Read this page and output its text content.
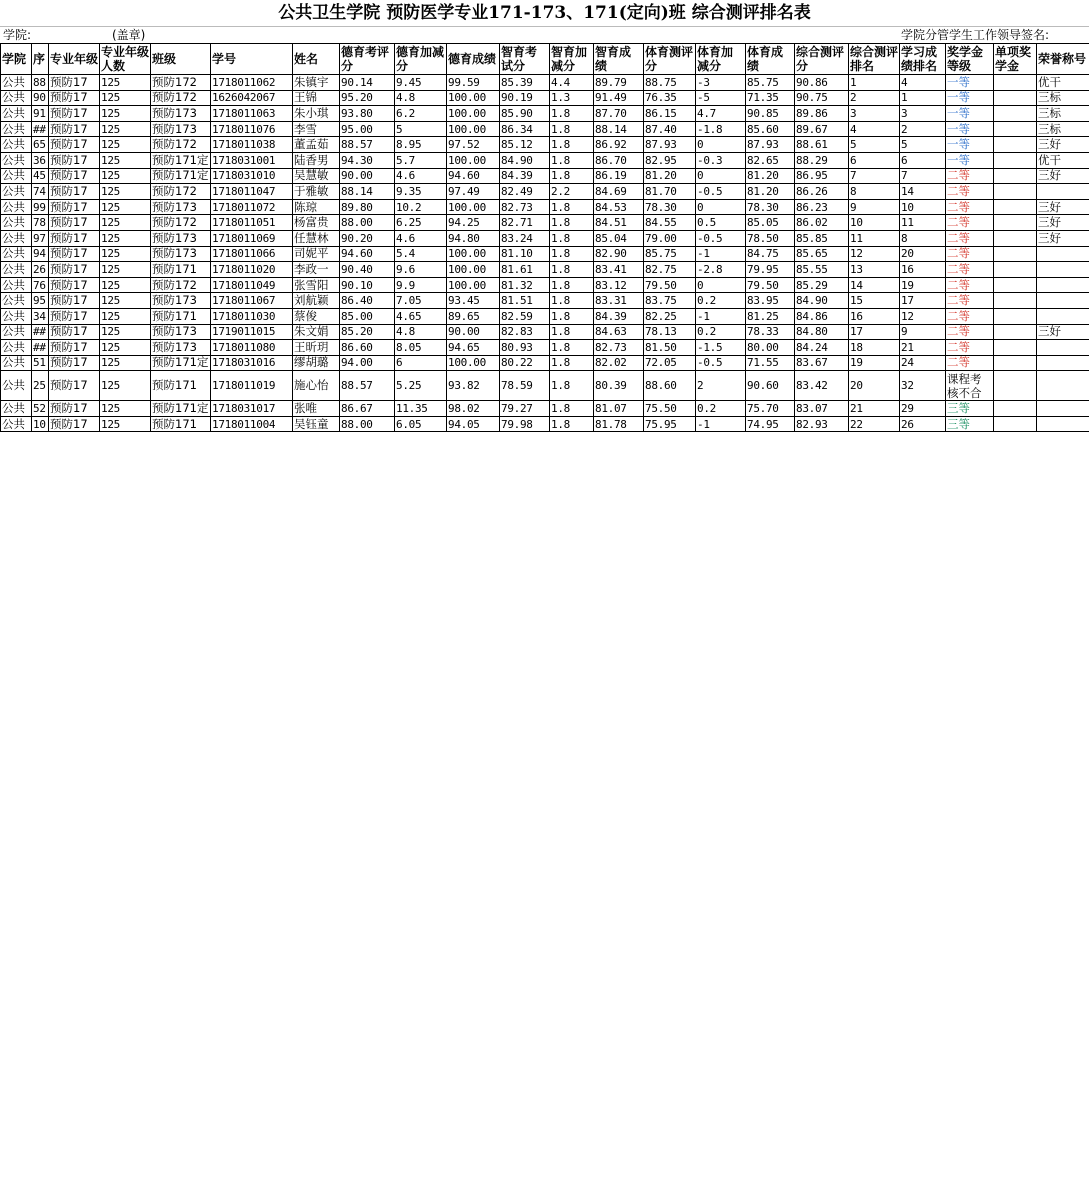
公共卫生学院 预防医学专业171-173、171(定向)班 综合测评排名表
学院:	(盖章)	学院分管学生工作领导签名:
学院	序	专业年级	专业年级人数	班级	学号	姓名	德育考评分	德育加减分	德育成绩	智育考试分	智育加减分	智育成绩	体育测评分	体育加减分	体育成绩	综合测评分	综合测评排名	学习成绩排名	奖学金等级	单项奖学金	荣誉称号
公共	88	预防17	125	预防172	1718011062	朱镇宇	90.14	9.45	99.59	85.39	4.4	89.79	88.75	-3	85.75	90.86	1	4	一等		优干
公共	90	预防17	125	预防172	1626042067	王锦	95.20	4.8	100.00	90.19	1.3	91.49	76.35	-5	71.35	90.75	2	1	一等		三标
公共	91	预防17	125	预防173	1718011063	朱小琪	93.80	6.2	100.00	85.90	1.8	87.70	86.15	4.7	90.85	89.86	3	3	一等		三标
公共	##	预防17	125	预防173	1718011076	李雪	95.00	5	100.00	86.34	1.8	88.14	87.40	-1.8	85.60	89.67	4	2	一等		三标
公共	65	预防17	125	预防172	1718011038	董孟茹	88.57	8.95	97.52	85.12	1.8	86.92	87.93	0	87.93	88.61	5	5	一等		三好
公共	36	预防17	125	预防171定	1718031001	陆香男	94.30	5.7	100.00	84.90	1.8	86.70	82.95	-0.3	82.65	88.29	6	6	一等		优干
公共	45	预防17	125	预防171定	1718031010	吴慧敏	90.00	4.6	94.60	84.39	1.8	86.19	81.20	0	81.20	86.95	7	7	二等		三好
公共	74	预防17	125	预防172	1718011047	于雅敏	88.14	9.35	97.49	82.49	2.2	84.69	81.70	-0.5	81.20	86.26	8	14	二等		
公共	99	预防17	125	预防173	1718011072	陈琼	89.80	10.2	100.00	82.73	1.8	84.53	78.30	0	78.30	86.23	9	10	二等		三好
公共	78	预防17	125	预防172	1718011051	杨富贵	88.00	6.25	94.25	82.71	1.8	84.51	84.55	0.5	85.05	86.02	10	11	二等		三好
公共	97	预防17	125	预防173	1718011069	任慧林	90.20	4.6	94.80	83.24	1.8	85.04	79.00	-0.5	78.50	85.85	11	8	二等		三好
公共	94	预防17	125	预防173	1718011066	司妮平	94.60	5.4	100.00	81.10	1.8	82.90	85.75	-1	84.75	85.65	12	20	二等		
公共	26	预防17	125	预防171	1718011020	李政一	90.40	9.6	100.00	81.61	1.8	83.41	82.75	-2.8	79.95	85.55	13	16	二等		
公共	76	预防17	125	预防172	1718011049	张雪阳	90.10	9.9	100.00	81.32	1.8	83.12	79.50	0	79.50	85.29	14	19	二等		
公共	95	预防17	125	预防173	1718011067	刘航颖	86.40	7.05	93.45	81.51	1.8	83.31	83.75	0.2	83.95	84.90	15	17	二等		
公共	34	预防17	125	预防171	1718011030	蔡俊	85.00	4.65	89.65	82.59	1.8	84.39	82.25	-1	81.25	84.86	16	12	二等		
公共	##	预防17	125	预防173	1719011015	朱文娟	85.20	4.8	90.00	82.83	1.8	84.63	78.13	0.2	78.33	84.80	17	9	二等		三好
公共	##	预防17	125	预防173	1718011080	王昕玥	86.60	8.05	94.65	80.93	1.8	82.73	81.50	-1.5	80.00	84.24	18	21	二等		
公共	51	预防17	125	预防171定	1718031016	缪胡璐	94.00	6	100.00	80.22	1.8	82.02	72.05	-0.5	71.55	83.67	19	24	二等		
公共	25	预防17	125	预防171	1718011019	施心怡	88.57	5.25	93.82	78.59	1.8	80.39	88.60	2	90.60	83.42	20	32	课程考核不合		
公共	52	预防17	125	预防171定	1718031017	张唯	86.67	11.35	98.02	79.27	1.8	81.07	75.50	0.2	75.70	83.07	21	29	三等		
公共	10	预防17	125	预防171	1718011004	吴钰童	88.00	6.05	94.05	79.98	1.8	81.78	75.95	-1	74.95	82.93	22	26	三等		
